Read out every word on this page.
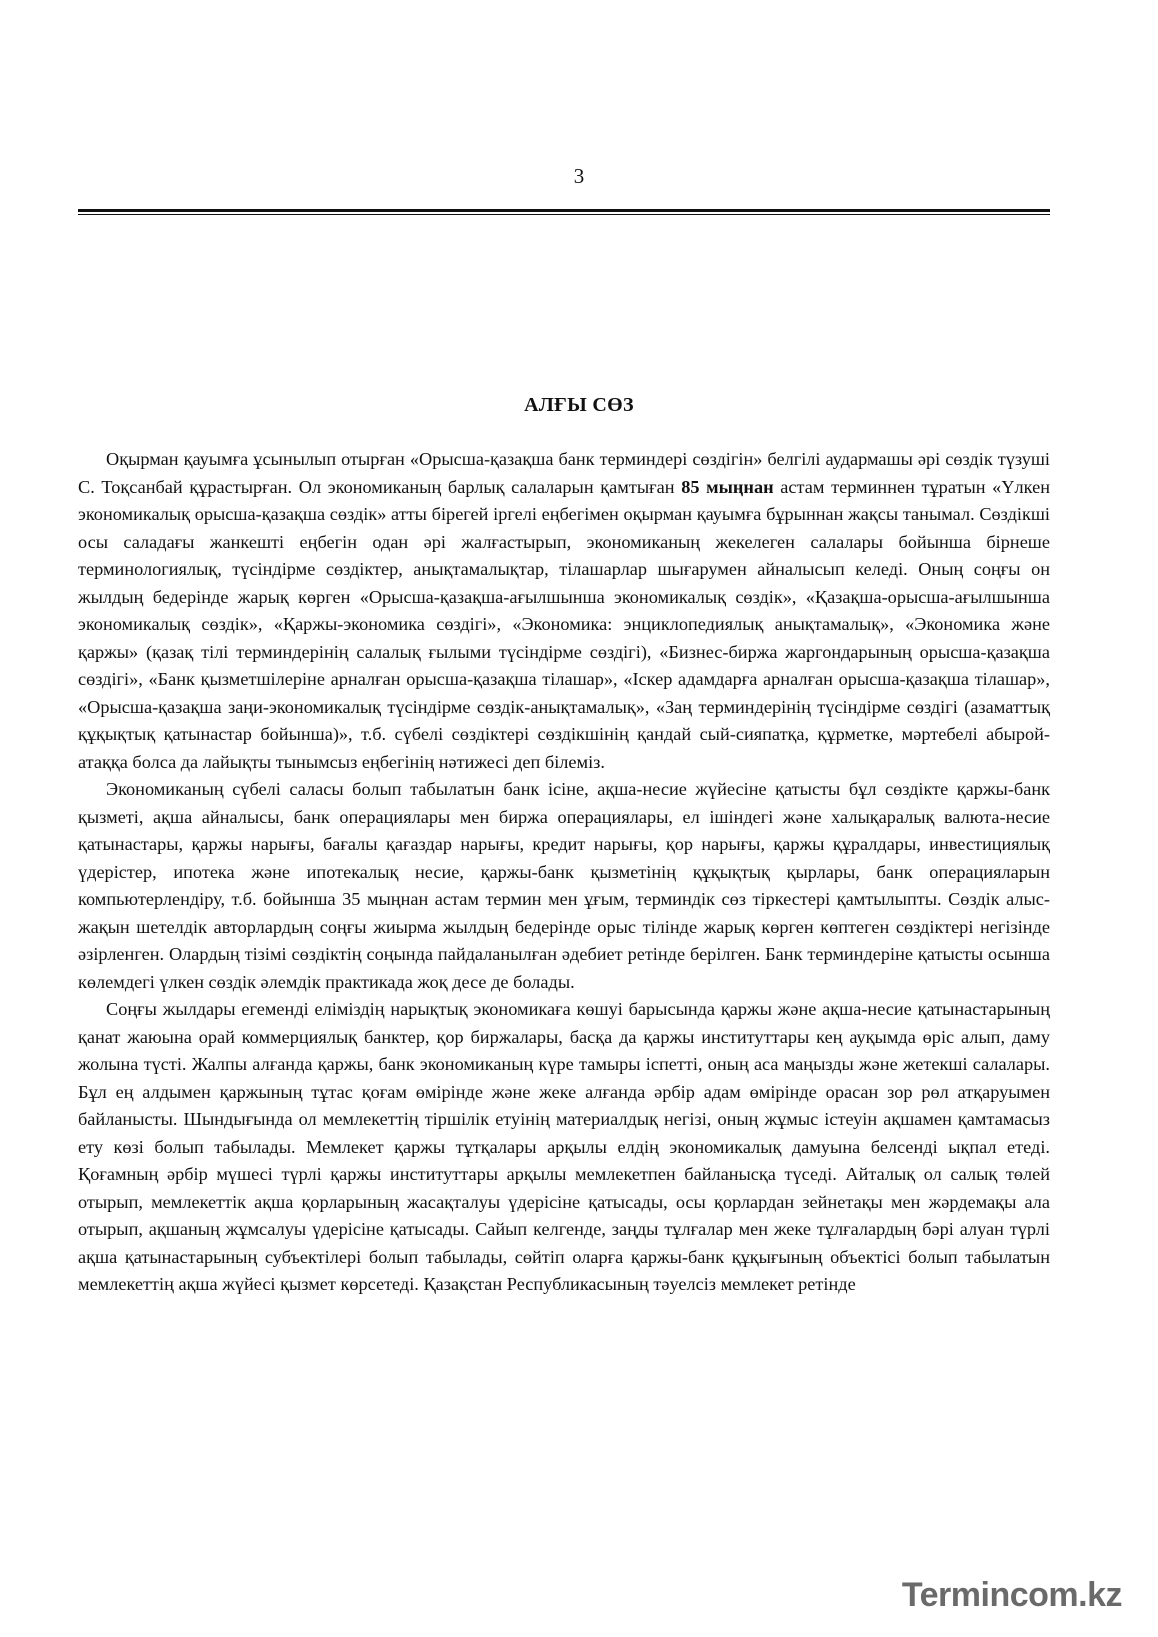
3
АЛҒЫ СӨЗ

Оқырман қауымға ұсынылып отырған «Орысша-қазақша банк терминдері сөздігін» белгілі аудармашы әрі сөздік түзуші С. Тоқсанбай құрастырған. Ол экономиканың барлық салаларын қамтыған 85 мыңнан астам терминнен тұратын «Үлкен экономикалық орысша-қазақша сөздік» атты бірегей іргелі еңбегімен оқырман қауымға бұрыннан жақсы танымал. Сөздікші осы саладағы жанкешті еңбегін одан әрі жалғастырып, экономиканың жекелеген салалары бойынша бірнеше терминологиялық, түсіндірме сөздіктер, анықтамалықтар, тілашарлар шығарумен айналысып келеді. Оның соңғы он жылдың бедерінде жарық көрген «Орысша-қазақша-ағылшынша экономикалық сөздік», «Қазақша-орысша-ағылшынша экономикалық сөздік», «Қаржы-экономика сөздігі», «Экономика: энциклопедиялық анықтамалық», «Экономика және қаржы» (қазақ тілі терминдерінің салалық ғылыми түсіндірме сөздігі), «Бизнес-биржа жаргондарының орысша-қазақша сөздігі», «Банк қызметшілеріне арналған орысша-қазақша тілашар», «Іскер адамдарға арналған орысша-қазақша тілашар», «Орысша-қазақша заңи-экономикалық түсіндірме сөздік-анықтамалық», «Заң терминдерінің түсіндірме сөздігі (азаматтық құқықтық қатынастар бойынша)», т.б. сүбелі сөздіктері сөздікшінің қандай сый-сияпатқа, құрметке, мәртебелі абырой-атаққа болса да лайықты тынымсыз еңбегінің нәтижесі деп білеміз.

Экономиканың сүбелі саласы болып табылатын банк ісіне, ақша-несие жүйесіне қатысты бұл сөздікте қаржы-банк қызметі, ақша айналысы, банк операциялары мен биржа операциялары, ел ішіндегі және халықаралық валюта-несие қатынастары, қаржы нарығы, бағалы қағаздар нарығы, кредит нарығы, қор нарығы, қаржы құралдары, инвестициялық үдерістер, ипотека және ипотекалық несие, қаржы-банк қызметінің құқықтық қырлары, банк операцияларын компьютерлендіру, т.б. бойынша 35 мыңнан астам термин мен ұғым, терминдік сөз тіркестері қамтылыпты. Сөздік алыс-жақын шетелдік авторлардың соңғы жиырма жылдың бедерінде орыс тілінде жарық көрген көптеген сөздіктері негізінде әзірленген. Олардың тізімі сөздіктің соңында пайдаланылған әдебиет ретінде берілген. Банк терминдеріне қатысты осынша көлемдегі үлкен сөздік әлемдік практикада жоқ десе де болады.

Соңғы жылдары егеменді еліміздің нарықтық экономикаға көшуі барысында қаржы және ақша-несие қатынастарының қанат жаюына орай коммерциялық банктер, қор биржалары, басқа да қаржы институттары кең ауқымда өріс алып, даму жолына түсті. Жалпы алғанда қаржы, банк экономиканың күре тамыры іспетті, оның аса маңызды және жетекші салалары. Бұл ең алдымен қаржының тұтас қоғам өмірінде және жеке алғанда әрбір адам өмірінде орасан зор рөл атқаруымен байланысты. Шындығында ол мемлекеттің тіршілік етуінің материалдық негізі, оның жұмыс істеуін ақшамен қамтамасыз ету көзі болып табылады. Мемлекет қаржы тұтқалары арқылы елдің экономикалық дамуына белсенді ықпал етеді. Қоғамның әрбір мүшесі түрлі қаржы институттары арқылы мемлекетпен байланысқа түседі. Айталық ол салық төлей отырып, мемлекеттік ақша қорларының жасақталуы үдерісіне қатысады, осы қорлардан зейнетақы мен жәрдемақы ала отырып, ақшаның жұмсалуы үдерісіне қатысады. Сайып келгенде, заңды тұлғалар мен жеке тұлғалардың бәрі алуан түрлі ақша қатынастарының субъектілері болып табылады, сөйтіп оларға қаржы-банк құқығының объектісі болып табылатын мемлекеттің ақша жүйесі қызмет көрсетеді. Қазақстан Республикасының тәуелсіз мемлекет ретінде

Termincom.kz
